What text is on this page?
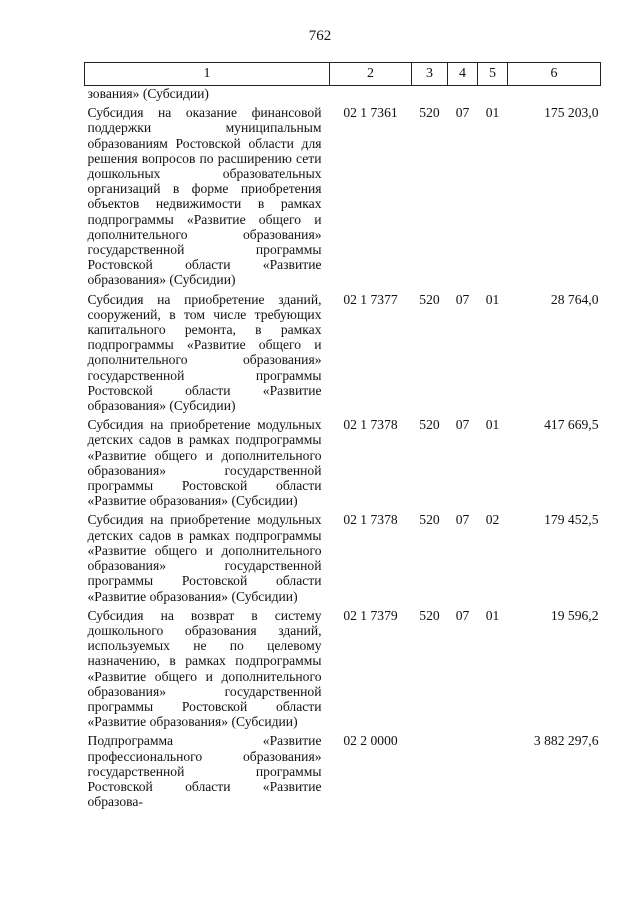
762
1	2	3	4	5	6
зования» (Субсидии)					
Субсидия на оказание финансовой поддержки муниципальным образованиям Ростовской области для решения вопросов по расширению сети дошкольных образовательных организаций в форме приобретения объектов недвижимости в рамках подпрограммы «Развитие общего и дополнительного образования» государственной программы Ростовской области «Развитие образования» (Субсидии)	02 1 7361	520	07	01	175 203,0
Субсидия на приобретение зданий, сооружений, в том числе требующих капитального ремонта, в рамках подпрограммы «Развитие общего и дополнительного образования» государственной программы Ростовской области «Развитие образования» (Субсидии)	02 1 7377	520	07	01	28 764,0
Субсидия на приобретение модульных детских садов в рамках подпрограммы «Развитие общего и дополнительного образования» государственной программы Ростовской области «Развитие образования» (Субсидии)	02 1 7378	520	07	01	417 669,5
Субсидия на приобретение модульных детских садов в рамках подпрограммы «Развитие общего и дополнительного образования» государственной программы Ростовской области «Развитие образования» (Субсидии)	02 1 7378	520	07	02	179 452,5
Субсидия на возврат в систему дошкольного образования зданий, используемых не по целевому назначению, в рамках подпрограммы «Развитие общего и дополнительного образования» государственной программы Ростовской области «Развитие образования» (Субсидии)	02 1 7379	520	07	01	19 596,2
Подпрограмма «Развитие профессионального образования» государственной программы Ростовской области «Развитие образова-	02 2 0000				3 882 297,6
